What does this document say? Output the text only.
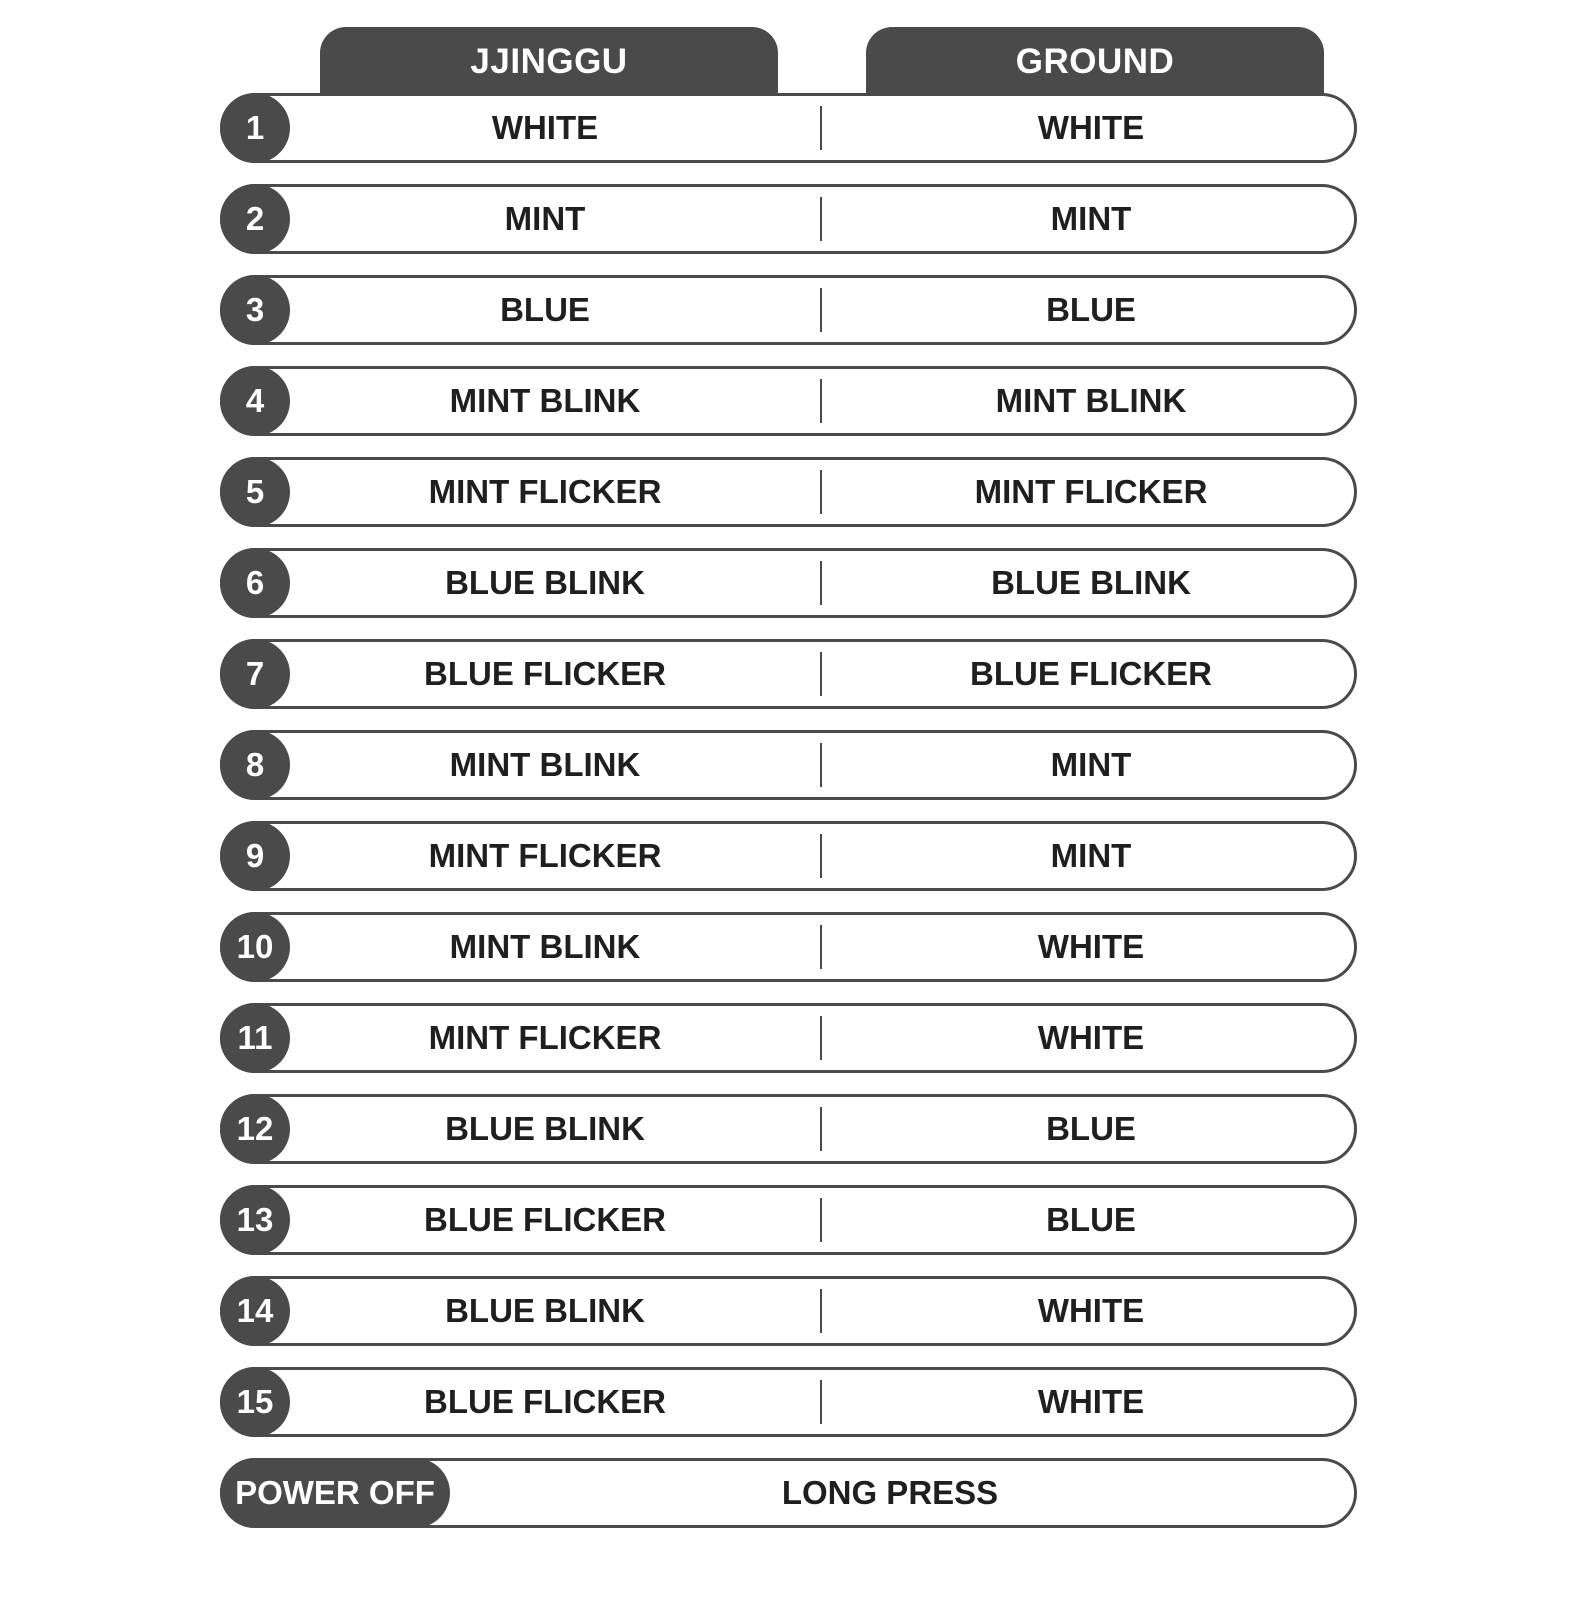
JJINGGU	GROUND
1	WHITE	WHITE
2	MINT	MINT
3	BLUE	BLUE
4	MINT BLINK	MINT BLINK
5	MINT FLICKER	MINT FLICKER
6	BLUE BLINK	BLUE BLINK
7	BLUE FLICKER	BLUE FLICKER
8	MINT BLINK	MINT
9	MINT FLICKER	MINT
10	MINT BLINK	WHITE
11	MINT FLICKER	WHITE
12	BLUE BLINK	BLUE
13	BLUE FLICKER	BLUE
14	BLUE BLINK	WHITE
15	BLUE FLICKER	WHITE
POWER OFF	LONG PRESS
